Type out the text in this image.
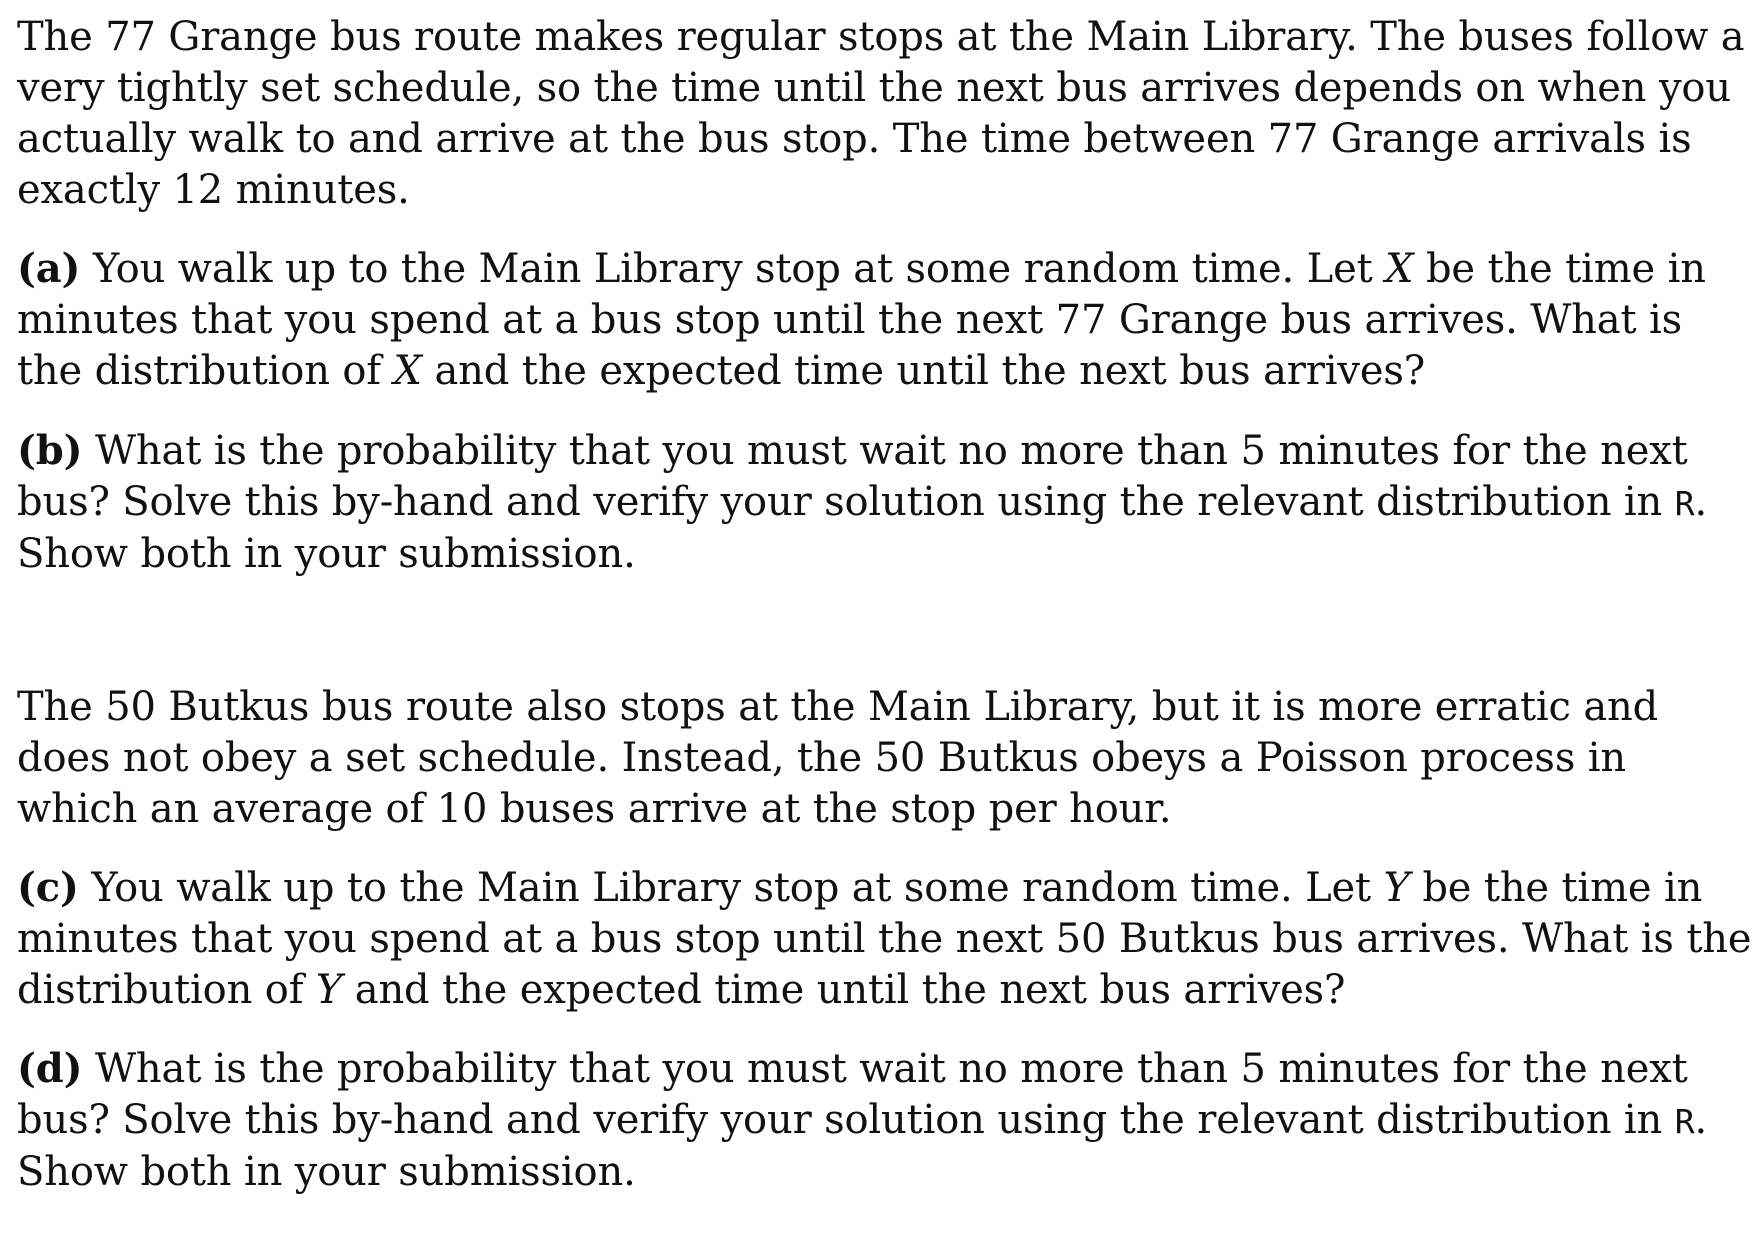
The 77 Grange bus route makes regular stops at the Main Library. The buses follow a very tightly set schedule, so the time until the next bus arrives depends on when you actually walk to and arrive at the bus stop. The time between 77 Grange arrivals is exactly 12 minutes.

(a) You walk up to the Main Library stop at some random time. Let X be the time in minutes that you spend at a bus stop until the next 77 Grange bus arrives. What is the distribution of X and the expected time until the next bus arrives?

(b) What is the probability that you must wait no more than 5 minutes for the next bus? Solve this by-hand and verify your solution using the relevant distribution in R. Show both in your submission.

The 50 Butkus bus route also stops at the Main Library, but it is more erratic and does not obey a set schedule. Instead, the 50 Butkus obeys a Poisson process in which an average of 10 buses arrive at the stop per hour.

(c) You walk up to the Main Library stop at some random time. Let Y be the time in minutes that you spend at a bus stop until the next 50 Butkus bus arrives. What is the distribution of Y and the expected time until the next bus arrives?

(d) What is the probability that you must wait no more than 5 minutes for the next bus? Solve this by-hand and verify your solution using the relevant distribution in R. Show both in your submission.
